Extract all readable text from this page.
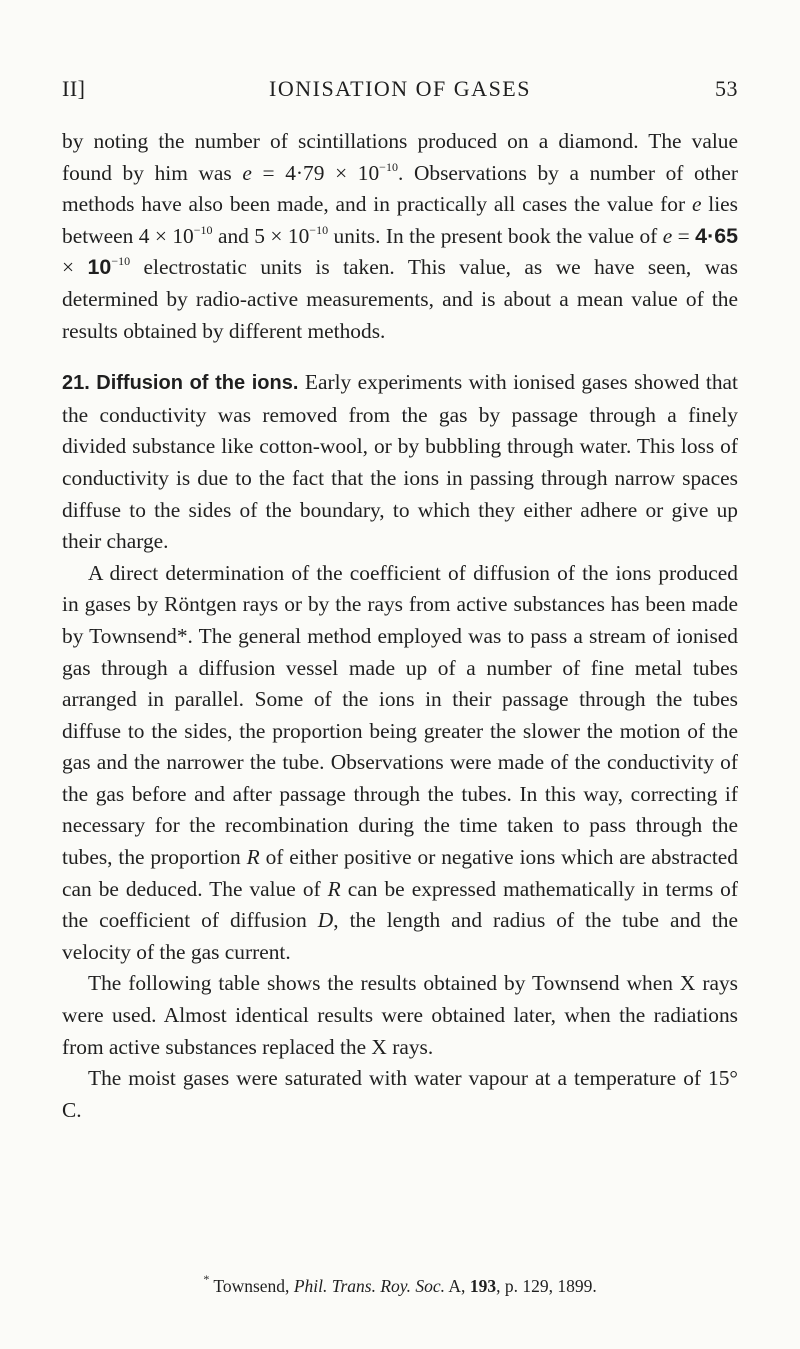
II]	IONISATION OF GASES	53

by noting the number of scintillations produced on a diamond. The value found by him was $e = 4\cdot 79 \times 10^{-10}$. Observations by a number of other methods have also been made, and in practically all cases the value for e lies between $4 \times 10^{-10}$ and $5 \times 10^{-10}$ units. In the present book the value of $e = 4\cdot 65 \times 10^{-10}$ electrostatic units is taken. This value, as we have seen, was determined by radio-active measurements, and is about a mean value of the results obtained by different methods.

21. Diffusion of the ions. Early experiments with ionised gases showed that the conductivity was removed from the gas by passage through a finely divided substance like cotton-wool, or by bubbling through water. This loss of conductivity is due to the fact that the ions in passing through narrow spaces diffuse to the sides of the boundary, to which they either adhere or give up their charge.

A direct determination of the coefficient of diffusion of the ions produced in gases by Röntgen rays or by the rays from active substances has been made by Townsend*. The general method employed was to pass a stream of ionised gas through a diffusion vessel made up of a number of fine metal tubes arranged in parallel. Some of the ions in their passage through the tubes diffuse to the sides, the proportion being greater the slower the motion of the gas and the narrower the tube. Observations were made of the conductivity of the gas before and after passage through the tubes. In this way, correcting if necessary for the recombination during the time taken to pass through the tubes, the proportion R of either positive or negative ions which are abstracted can be deduced. The value of R can be expressed mathematically in terms of the coefficient of diffusion D, the length and radius of the tube and the velocity of the gas current.

The following table shows the results obtained by Townsend when X rays were used. Almost identical results were obtained later, when the radiations from active substances replaced the X rays.

The moist gases were saturated with water vapour at a temperature of 15° C.

* Townsend, Phil. Trans. Roy. Soc. A, 193, p. 129, 1899.
